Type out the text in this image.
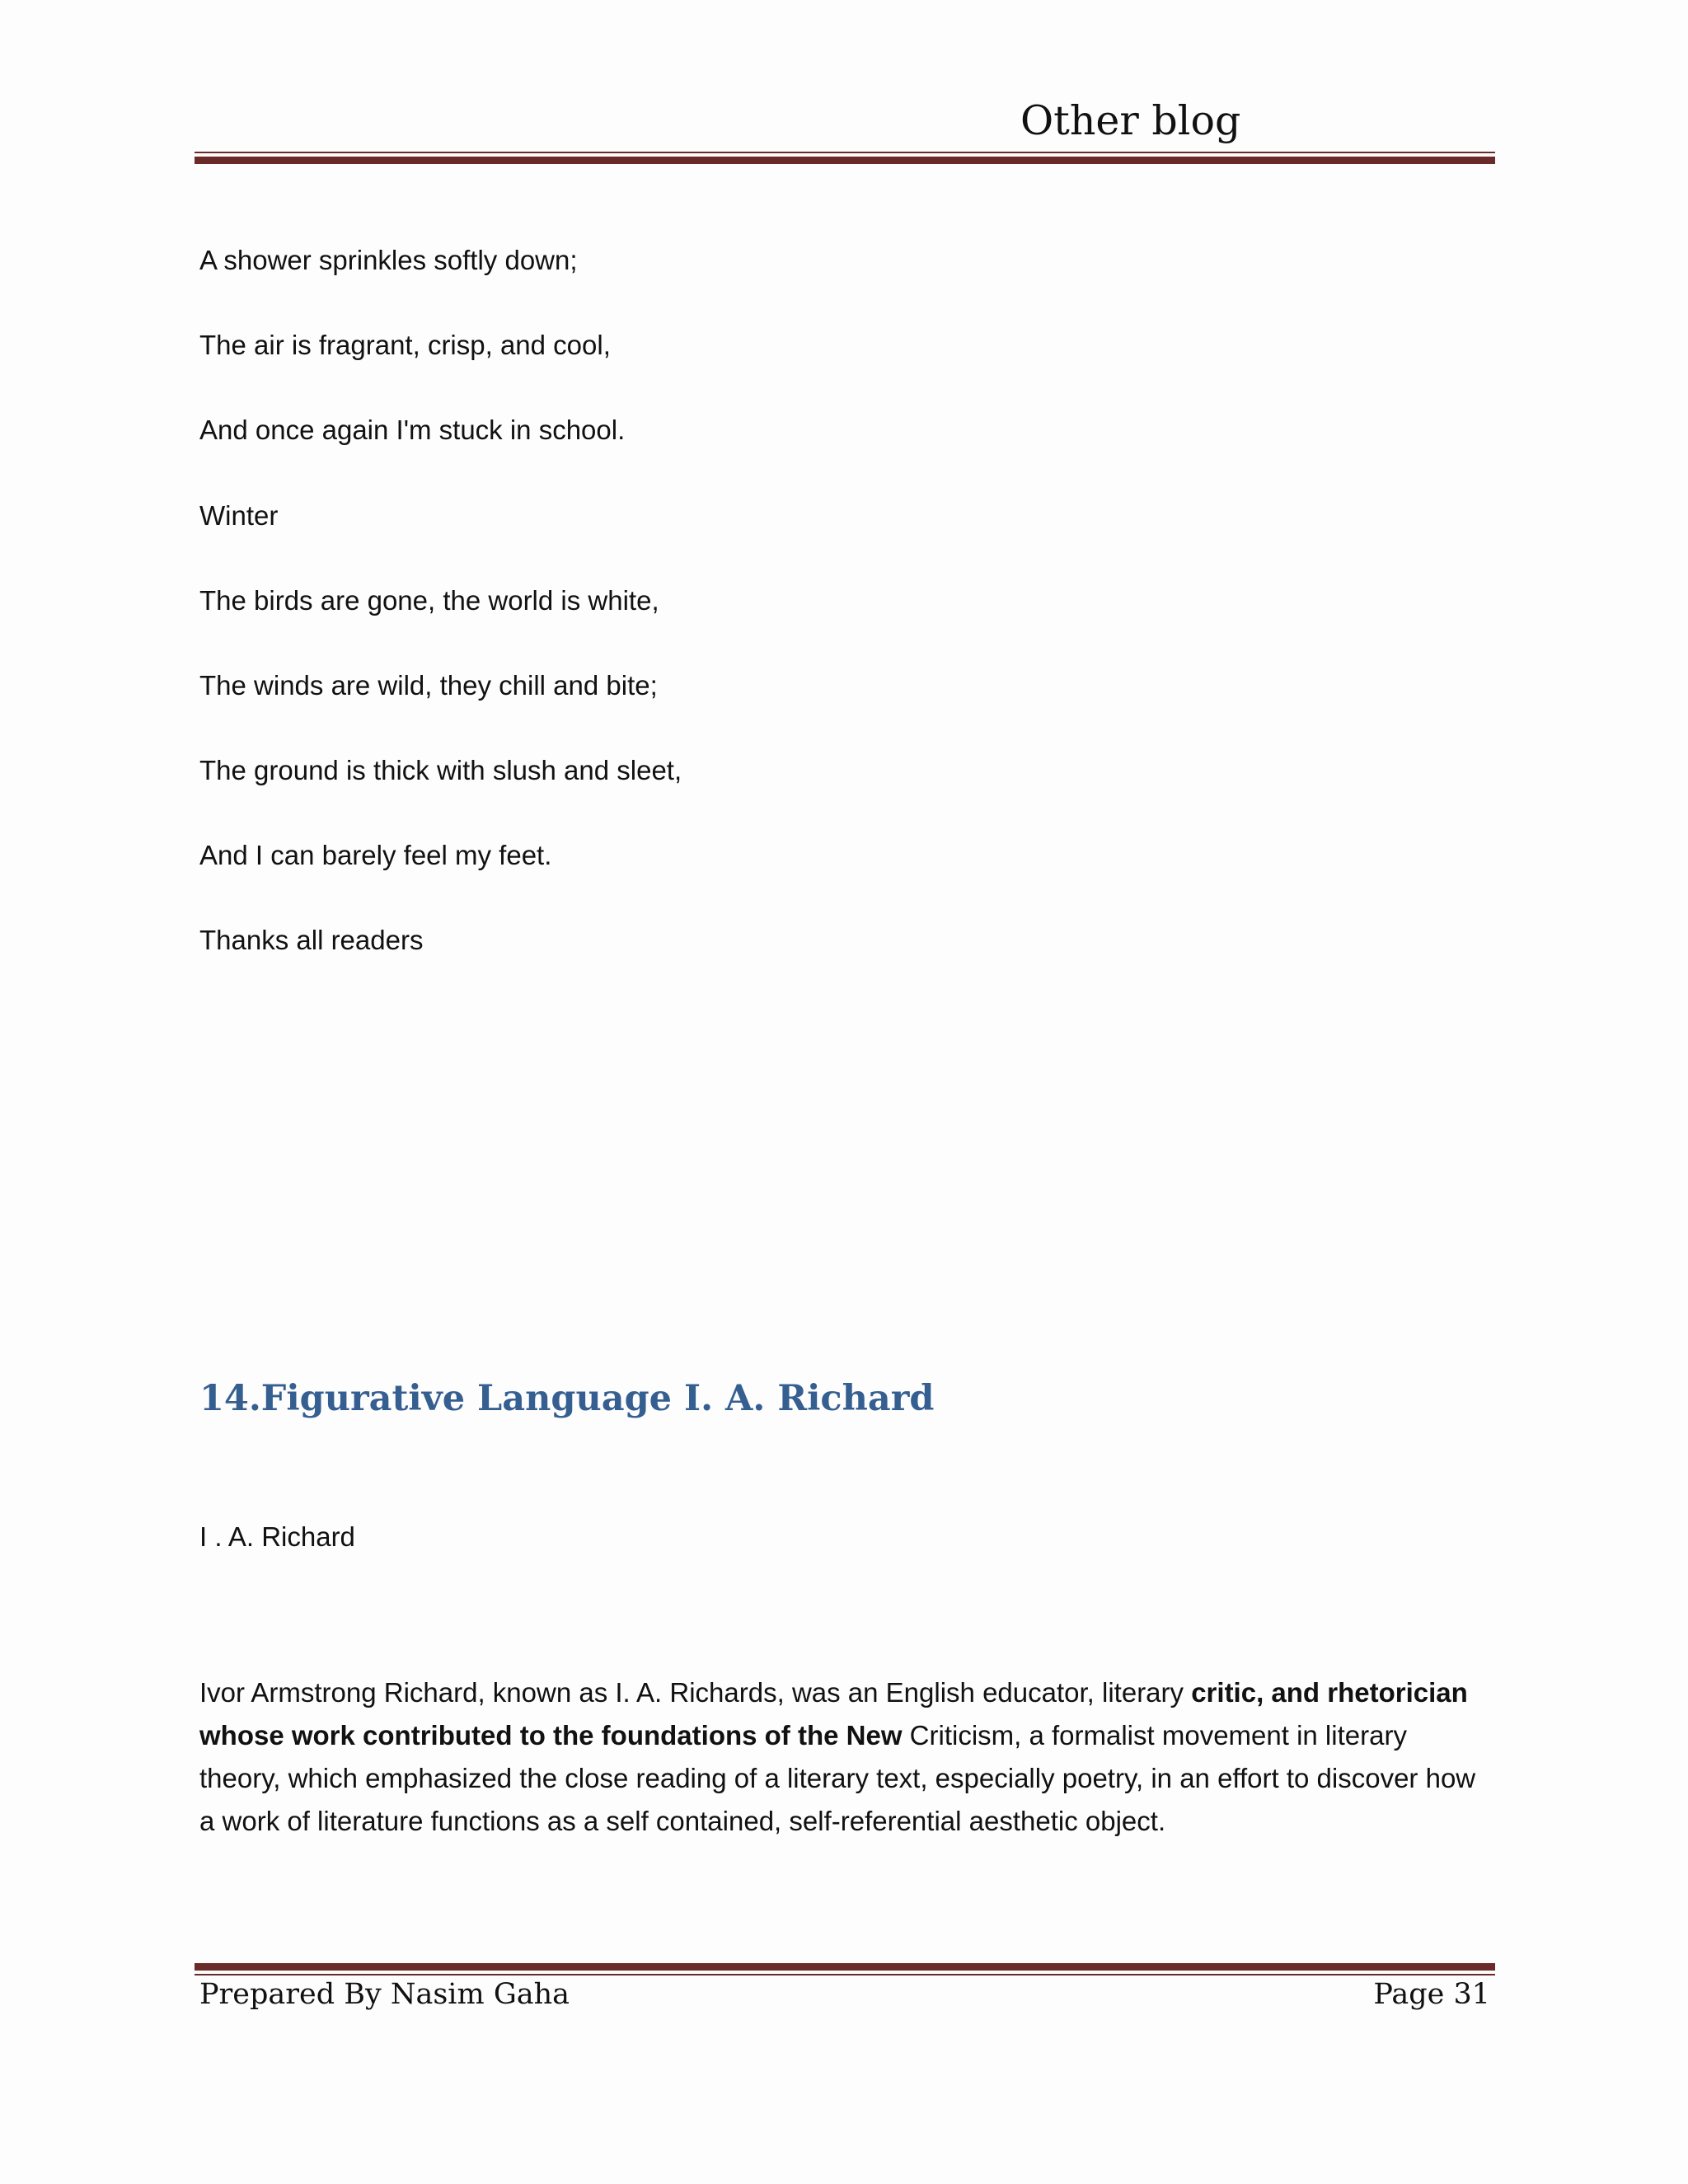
Other blog
A shower sprinkles softly down;
The air is fragrant, crisp, and cool,
And once again I'm stuck in school.
Winter
The birds are gone, the world is white,
The winds are wild, they chill and bite;
The ground is thick with slush and sleet,
And I can barely feel my feet.
Thanks all readers
14.Figurative Language I. A. Richard
I . A. Richard
Ivor Armstrong Richard, known as I. A. Richards, was an English educator, literary critic, and rhetorician whose work contributed to the foundations of the New Criticism, a formalist movement in literary theory, which emphasized the close reading of a literary text, especially poetry, in an effort to discover how a work of literature functions as a self contained, self-referential aesthetic object.
Prepared By Nasim Gaha	Page 31
